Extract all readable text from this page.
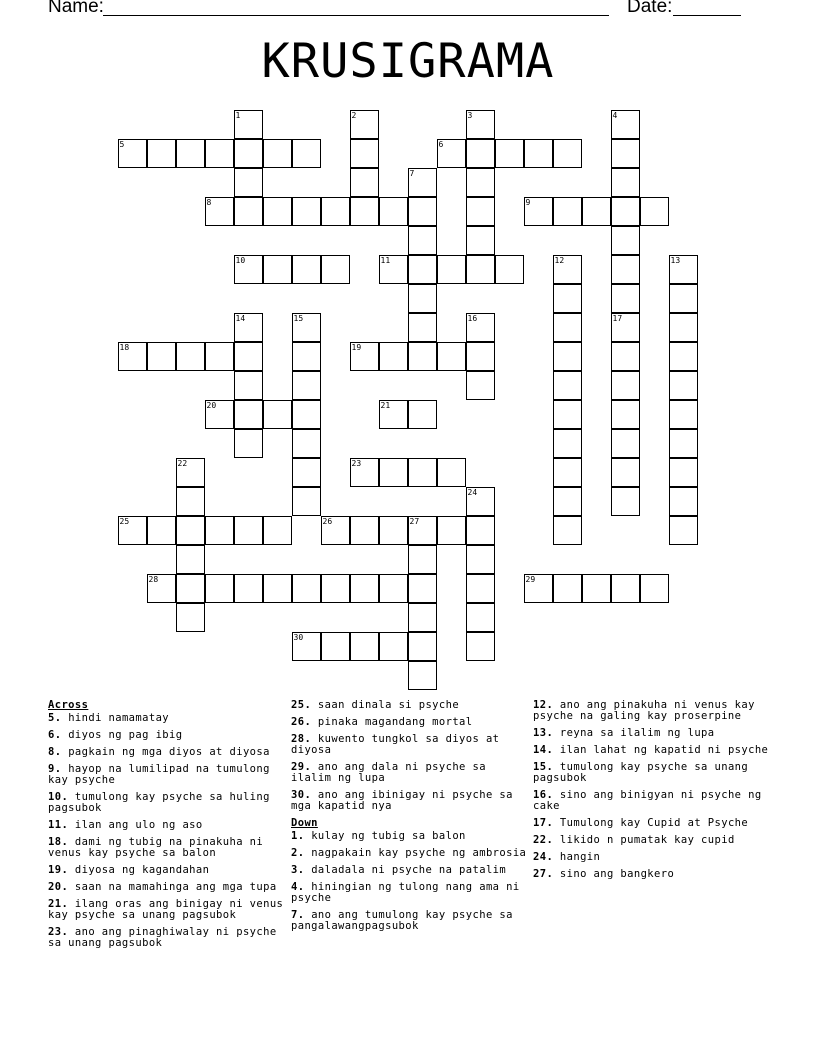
Name:	Date:
KRUSIGRAMA
1	2	3	4
5	6
7
8	9
10	11	12	13
14	15	16	17
18	19
20	21
22	23
24
25	26	27
28	29
30
Across
5. hindi namamatay
6. diyos ng pag ibig
8. pagkain ng mga diyos at diyosa
9. hayop na lumilipad na tumulong kay psyche
10. tumulong kay psyche sa huling pagsubok
11. ilan ang ulo ng aso
18. dami ng tubig na pinakuha ni venus kay psyche sa balon
19. diyosa ng kagandahan
20. saan na mamahinga ang mga tupa
21. ilang oras ang binigay ni venus kay psyche sa unang pagsubok
23. ano ang pinaghiwalay ni psyche sa unang pagsubok
25. saan dinala si psyche
26. pinaka magandang mortal
28. kuwento tungkol sa diyos at diyosa
29. ano ang dala ni psyche sa ilalim ng lupa
30. ano ang ibinigay ni psyche sa mga kapatid nya
Down
1. kulay ng tubig sa balon
2. nagpakain kay psyche ng ambrosia
3. daladala ni psyche na patalim
4. hiningian ng tulong nang ama ni psyche
7. ano ang tumulong kay psyche sa pangalawangpagsubok
12. ano ang pinakuha ni venus kay psyche na galing kay proserpine
13. reyna sa ilalim ng lupa
14. ilan lahat ng kapatid ni psyche
15. tumulong kay psyche sa unang pagsubok
16. sino ang binigyan ni psyche ng cake
17. Tumulong kay Cupid at Psyche
22. likido n pumatak kay cupid
24. hangin
27. sino ang bangkero
